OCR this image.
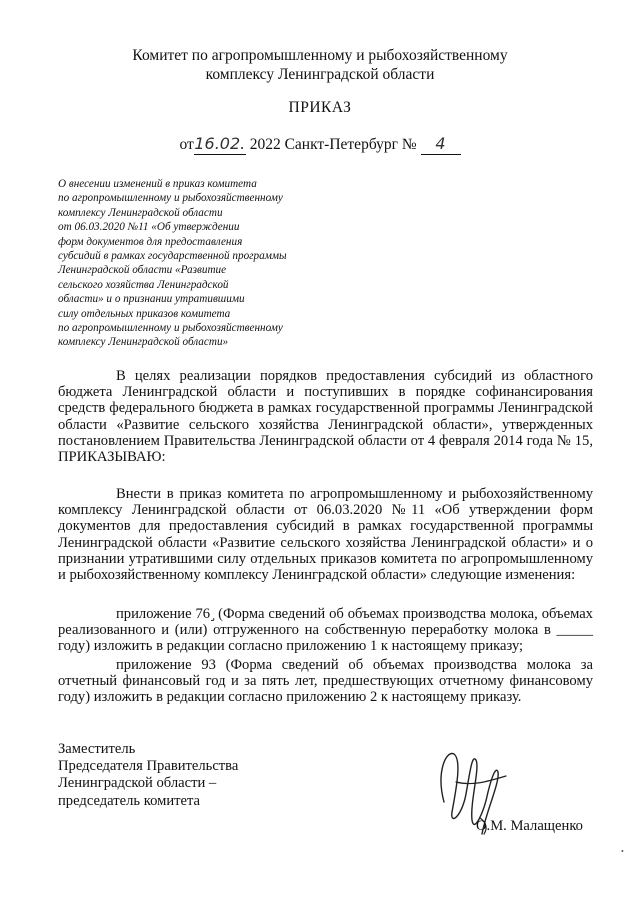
Комитет по агропромышленному и рыбохозяйственному
комплексу Ленинградской области
ПРИКАЗ
от16.02. 2022 Санкт-Петербург № 4
О внесении изменений в приказ комитета
по агропромышленному и рыбохозяйственному
комплексу Ленинградской области
от 06.03.2020 №11 «Об утверждении
форм документов для предоставления
субсидий в рамках государственной программы
Ленинградской области «Развитие
сельского хозяйства Ленинградской
области» и о признании утратившими
силу отдельных приказов комитета
по агропромышленному и рыбохозяйственному
комплексу Ленинградской области»
В целях реализации порядков предоставления субсидий из областного бюджета Ленинградской области и поступивших в порядке софинансирования средств федерального бюджета в рамках государственной программы Ленинградской области «Развитие сельского хозяйства Ленинградской области», утвержденных постановлением Правительства Ленинградской области от 4 февраля 2014 года № 15, ПРИКАЗЫВАЮ:
Внести в приказ комитета по агропромышленному и рыбохозяйственному комплексу Ленинградской области от 06.03.2020 №11 «Об утверждении форм документов для предоставления субсидий в рамках государственной программы Ленинградской области «Развитие сельского хозяйства Ленинградской области» и о признании утратившими силу отдельных приказов комитета по агропромышленному и рыбохозяйственному комплексу Ленинградской области» следующие изменения:
приложение 76¸(Форма сведений об объемах производства молока, объемах реализованного и (или) отгруженного на собственную переработку молока в _____ году) изложить в редакции согласно приложению 1 к настоящему приказу;
приложение 93 (Форма сведений об объемах производства молока за отчетный финансовый год и за пять лет, предшествующих отчетному финансовому году) изложить в редакции согласно приложению 2 к настоящему приказу.
Заместитель
Председателя Правительства
Ленинградской области –
председатель комитета
О.М. Малащенко
•
